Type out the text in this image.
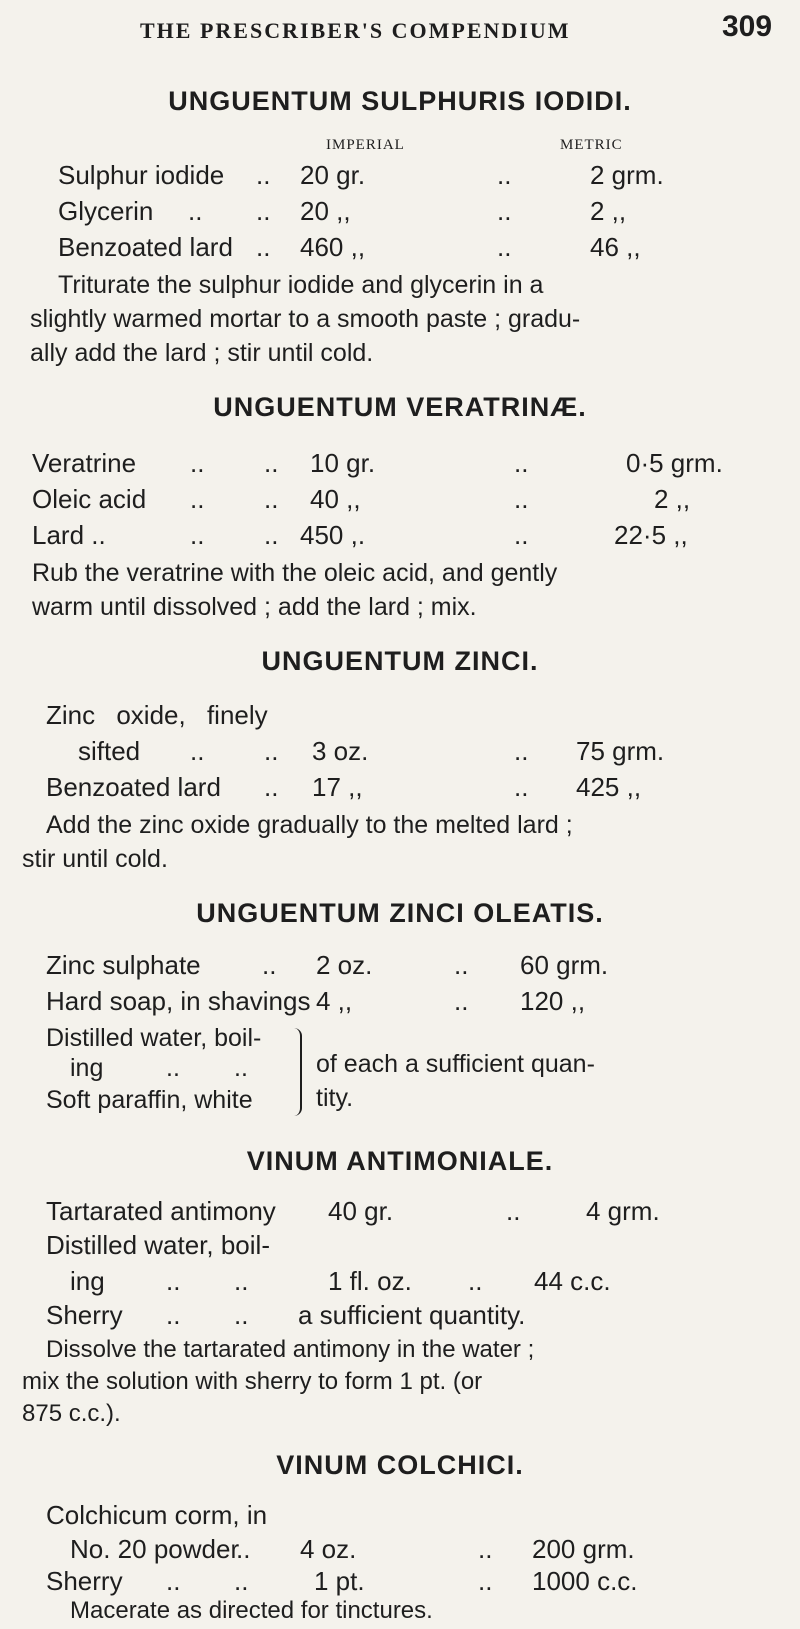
THE PRESCRIBER'S COMPENDIUM	309
UNGUENTUM SULPHURIS IODIDI.
IMPERIAL	METRIC
Sulphur iodide .. 20 gr.	..	2 grm.
Glycerin .. .. 20 ,,	..	2 ,,
Benzoated lard .. 460 ,,	..	46 ,,
Triturate the sulphur iodide and glycerin in a
slightly warmed mortar to a smooth paste ; gradu-
ally add the lard ; stir until cold.
UNGUENTUM VERATRINÆ.
Veratrine .. .. 10 gr.	..	0·5 grm.
Oleic acid .. .. 40 ,,	..	2 ,,
Lard ..	.. .. 450 ,.	..	22·5 ,,
Rub the veratrine with the oleic acid, and gently
warm until dissolved ; add the lard ; mix.
UNGUENTUM ZINCI.
Zinc oxide, finely
sifted .. .. 3 oz.	.. 75 grm.
Benzoated lard .. 17 ,,	.. 425 ,,
Add the zinc oxide gradually to the melted lard ;
stir until cold.
UNGUENTUM ZINCI OLEATIS.
Zinc sulphate .. 2 oz.	.. 60 grm.
Hard soap, in shavings 4 ,,	.. 120 ,,
Distilled water, boil-
ing	.. ..
Soft paraffin, white
of each a sufficient quan-
tity.
VINUM ANTIMONIALE.
Tartarated antimony 40 gr.	..	4 grm.
Distilled water, boil-
ing .. ..	1 fl. oz. .. 44 c.c.
Sherry .. .. a sufficient quantity.
Dissolve the tartarated antimony in the water ;
mix the solution with sherry to form 1 pt. (or
875 c.c.).
VINUM COLCHICI.
Colchicum corm, in
No. 20 powder
.. 4 oz.	.. 200 grm.
Sherry .. ..	1 pt.	.. 1000 c.c.
Macerate as directed for tinctures.
